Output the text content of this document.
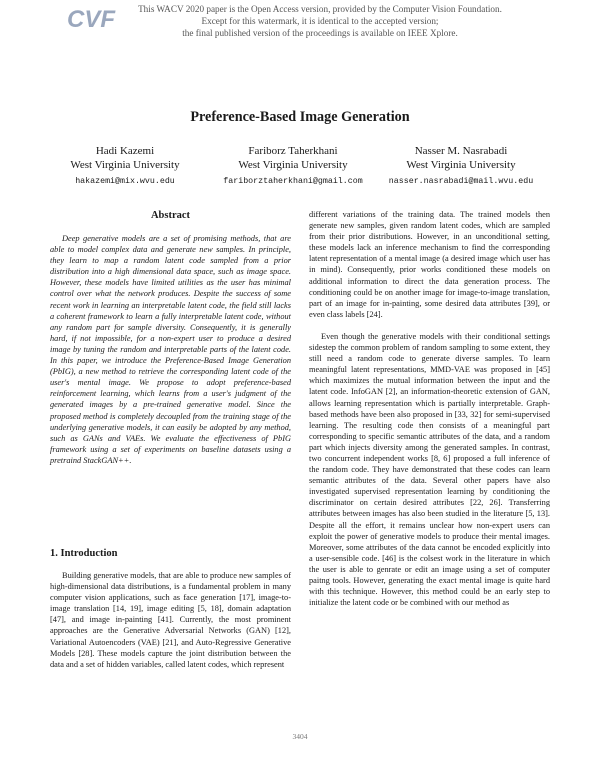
CVF	This WACV 2020 paper is the Open Access version, provided by the Computer Vision Foundation.
Except for this watermark, it is identical to the accepted version;
the final published version of the proceedings is available on IEEE Xplore.
Preference-Based Image Generation
Hadi Kazemi
West Virginia University
hakazemi@mix.wvu.edu
Fariborz Taherkhani
West Virginia University
fariborztaherkhani@gmail.com
Nasser M. Nasrabadi
West Virginia University
nasser.nasrabadi@mail.wvu.edu
Abstract

Deep generative models are a set of promising methods, that are able to model complex data and generate new samples. In principle, they learn to map a random latent code sampled from a prior distribution into a high dimensional data space, such as image space. However, these models have limited utilities as the user has minimal control over what the network produces. Despite the success of some recent work in learning an interpretable latent code, the field still lacks a coherent framework to learn a fully interpretable latent code, without any random part for sample diversity. Consequently, it is generally hard, if not impossible, for a non-expert user to produce a desired image by tuning the random and interpretable parts of the latent code. In this paper, we introduce the Preference-Based Image Generation (PbIG), a new method to retrieve the corresponding latent code of the user's mental image. We propose to adopt preference-based reinforcement learning, which learns from a user's judgment of the generated images by a pre-trained generative model. Since the proposed method is completely decoupled from the training stage of the underlying generative models, it can easily be adopted by any method, such as GANs and VAEs. We evaluate the effectiveness of PbIG framework using a set of experiments on baseline datasets using a pretraind StackGAN++.

1. Introduction

Building generative models, that are able to produce new samples of high-dimensional data distributions, is a fundamental problem in many computer vision applications, such as face generation [17], image-to-image translation [14, 19], image editing [5, 18], domain adaptation [47], and image in-painting [41]. Currently, the most prominent approaches are the Generative Adversarial Networks (GAN) [12], Variational Autoencoders (VAE) [21], and Auto-Regressive Generative Models [28]. These models capture the joint distribution between the data and a set of hidden variables, called latent codes, which represent

different variations of the training data. The trained models then generate new samples, given random latent codes, which are sampled from their prior distributions. However, in an unconditional setting, these models lack an inference mechanism to find the corresponding latent representation of a mental image (a desired image which user has in mind). Consequently, prior works conditioned these models on additional information to direct the data generation process. The conditioning could be on another image for image-to-image translation, part of an image for in-painting, some desired data attributes [39], or even class labels [24].

Even though the generative models with their conditional settings sidestep the common problem of random sampling to some extent, they still need a random code to generate diverse samples. To learn meaningful latent representations, MMD-VAE was proposed in [45] which maximizes the mutual information between the input and the latent code. InfoGAN [2], an information-theoretic extension of GAN, allows learning representation which is partially interpretable. Graph-based methods have been also proposed in [33, 32] for semi-supervised learning. The resulting code then consists of a meaningful part corresponding to specific semantic attributes of the data, and a random part which injects diversity among the generated samples. In contrast, two concurrent independent works [8, 6] proposed a full inference of the random code. They have demonstrated that these codes can learn semantic attributes of the data. Several other papers have also investigated supervised representation learning by conditioning the discriminator on certain desired attributes [22, 26]. Transferring attributes between images has also been studied in the literature [5, 13]. Despite all the effort, it remains unclear how non-expert users can exploit the power of generative models to produce their mental images. Moreover, some attributes of the data cannot be encoded explicitly into a user-sensible code. [46] is the colsest work in the literature in which the user is able to genrate or edit an image using a set of computer paitng tools. However, generating the exact mental image is quite hard with this technique. However, this method could be an early step to initialize the latent code or be combined with our method as

3404
